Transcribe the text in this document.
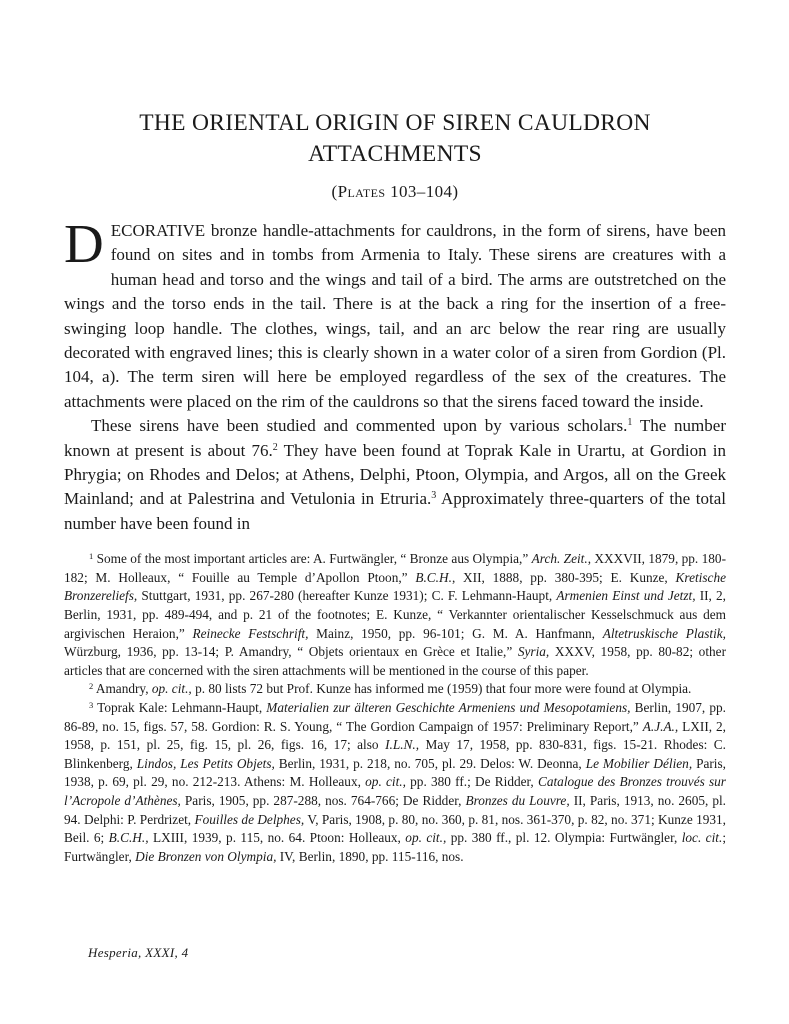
THE ORIENTAL ORIGIN OF SIREN CAULDRON
ATTACHMENTS
(Plates 103–104)

DECORATIVE bronze handle-attachments for cauldrons, in the form of sirens, have been found on sites and in tombs from Armenia to Italy. These sirens are creatures with a human head and torso and the wings and tail of a bird. The arms are outstretched on the wings and the torso ends in the tail. There is at the back a ring for the insertion of a free-swinging loop handle. The clothes, wings, tail, and an arc below the rear ring are usually decorated with engraved lines; this is clearly shown in a water color of a siren from Gordion (Pl. 104, a). The term siren will here be employed regardless of the sex of the creatures. The attachments were placed on the rim of the cauldrons so that the sirens faced toward the inside.

These sirens have been studied and commented upon by various scholars.$^1$ The number known at present is about 76.$^2$ They have been found at Toprak Kale in Urartu, at Gordion in Phrygia; on Rhodes and Delos; at Athens, Delphi, Ptoon, Olympia, and Argos, all on the Greek Mainland; and at Palestrina and Vetulonia in Etruria.$^3$ Approximately three-quarters of the total number have been found in

$^1$ Some of the most important articles are: A. Furtwängler, “ Bronze aus Olympia,” Arch. Zeit., XXXVII, 1879, pp. 180-182; M. Holleaux, “ Fouille au Temple d’Apollon Ptoon,” B.C.H., XII, 1888, pp. 380-395; E. Kunze, Kretische Bronzereliefs, Stuttgart, 1931, pp. 267-280 (hereafter Kunze 1931); C. F. Lehmann-Haupt, Armenien Einst und Jetzt, II, 2, Berlin, 1931, pp. 489-494, and p. 21 of the footnotes; E. Kunze, “ Verkannter orientalischer Kesselschmuck aus dem argivischen Heraion,” Reinecke Festschrift, Mainz, 1950, pp. 96-101; G. M. A. Hanfmann, Altetruskische Plastik, Würzburg, 1936, pp. 13-14; P. Amandry, “ Objets orientaux en Grèce et Italie,” Syria, XXXV, 1958, pp. 80-82; other articles that are concerned with the siren attachments will be mentioned in the course of this paper.

$^2$ Amandry, op. cit., p. 80 lists 72 but Prof. Kunze has informed me (1959) that four more were found at Olympia.

$^3$ Toprak Kale: Lehmann-Haupt, Materialien zur älteren Geschichte Armeniens und Mesopotamiens, Berlin, 1907, pp. 86-89, no. 15, figs. 57, 58. Gordion: R. S. Young, “ The Gordion Campaign of 1957: Preliminary Report,” A.J.A., LXII, 2, 1958, p. 151, pl. 25, fig. 15, pl. 26, figs. 16, 17; also I.L.N., May 17, 1958, pp. 830-831, figs. 15-21. Rhodes: C. Blinkenberg, Lindos, Les Petits Objets, Berlin, 1931, p. 218, no. 705, pl. 29. Delos: W. Deonna, Le Mobilier Délien, Paris, 1938, p. 69, pl. 29, no. 212-213. Athens: M. Holleaux, op. cit., pp. 380 ff.; De Ridder, Catalogue des Bronzes trouvés sur l’Acropole d’Athènes, Paris, 1905, pp. 287-288, nos. 764-766; De Ridder, Bronzes du Louvre, II, Paris, 1913, no. 2605, pl. 94. Delphi: P. Perdrizet, Fouilles de Delphes, V, Paris, 1908, p. 80, no. 360, p. 81, nos. 361-370, p. 82, no. 371; Kunze 1931, Beil. 6; B.C.H., LXIII, 1939, p. 115, no. 64. Ptoon: Holleaux, op. cit., pp. 380 ff., pl. 12. Olympia: Furtwängler, loc. cit.; Furtwängler, Die Bronzen von Olympia, IV, Berlin, 1890, pp. 115-116, nos.

Hesperia, XXXI, 4
